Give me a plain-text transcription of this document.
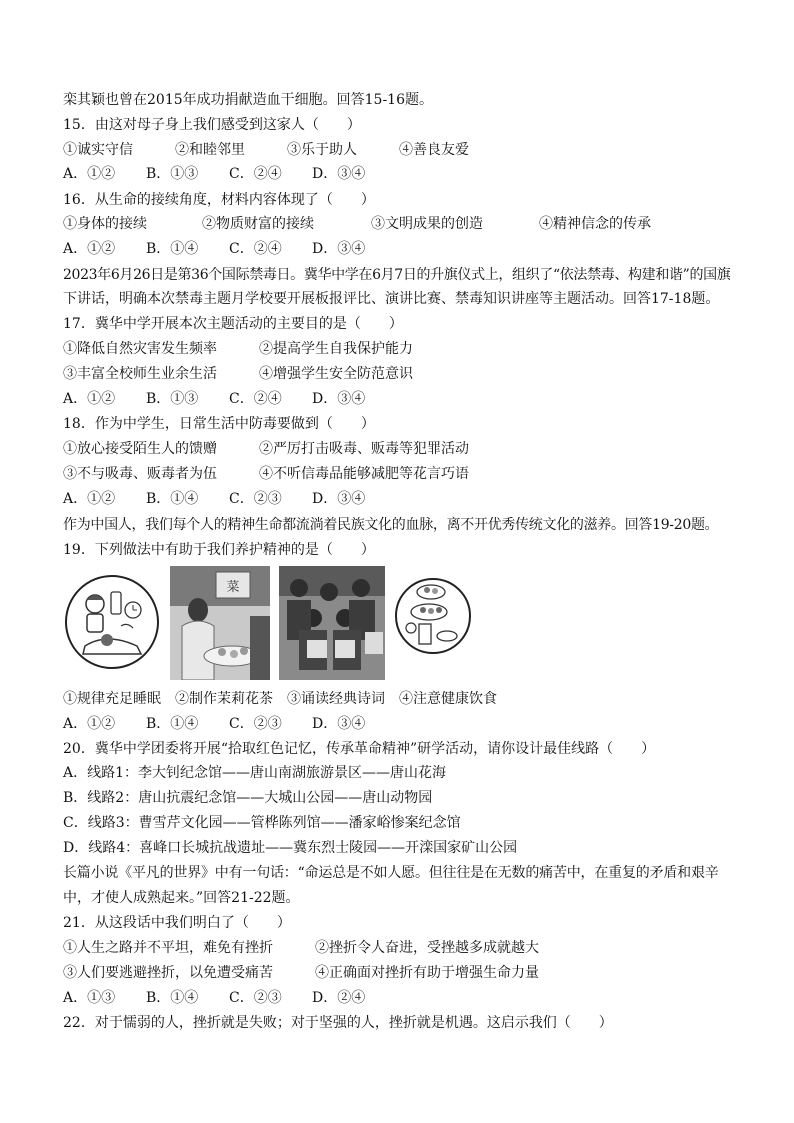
栾其颖也曾在2015年成功捐献造血干细胞。回答15-16题。
15．由这对母子身上我们感受到这家人（　　）
①诚实守信	②和睦邻里	③乐于助人	④善良友爱
A．①② B．①③ C．②④ D．③④
16．从生命的接续角度，材料内容体现了（　　）
①身体的接续	②物质财富的接续	③文明成果的创造	④精神信念的传承
A．①② B．①④ C．②④ D．③④
2023年6月26日是第36个国际禁毒日。冀华中学在6月7日的升旗仪式上，组织了“依法禁毒、构建和谐”的国旗
下讲话，明确本次禁毒主题月学校要开展板报评比、演讲比赛、禁毒知识讲座等主题活动。回答17-18题。
17．冀华中学开展本次主题活动的主要目的是（　　）
①降低自然灾害发生频率	②提高学生自我保护能力
③丰富全校师生业余生活	④增强学生安全防范意识
A．①② B．①③ C．②④ D．③④
18．作为中学生，日常生活中防毒要做到（　　）
①放心接受陌生人的馈赠	②严厉打击吸毒、贩毒等犯罪活动
③不与吸毒、贩毒者为伍	④不听信毒品能够减肥等花言巧语
A．①② B．①④ C．②③ D．③④
作为中国人，我们每个人的精神生命都流淌着民族文化的血脉，离不开优秀传统文化的滋养。回答19-20题。
19．下列做法中有助于我们养护精神的是（　　）
菜
①规律充足睡眠　②制作茉莉花茶　③诵读经典诗词　④注意健康饮食
A．①② B．①④ C．②③ D．③④
20．冀华中学团委将开展“拾取红色记忆，传承革命精神”研学活动，请你设计最佳线路（　　）
A．线路1：李大钊纪念馆——唐山南湖旅游景区——唐山花海
B．线路2：唐山抗震纪念馆——大城山公园——唐山动物园
C．线路3：曹雪芹文化园——管桦陈列馆——潘家峪惨案纪念馆
D．线路4：喜峰口长城抗战遗址——冀东烈士陵园——开滦国家矿山公园
长篇小说《平凡的世界》中有一句话：“命运总是不如人愿。但往往是在无数的痛苦中，在重复的矛盾和艰辛
中，才使人成熟起来。”回答21-22题。
21．从这段话中我们明白了（　　）
①人生之路并不平坦，难免有挫折	②挫折令人奋进，受挫越多成就越大
③人们要逃避挫折，以免遭受痛苦	④正确面对挫折有助于增强生命力量
A．①③ B．①④ C．②③ D．②④
22．对于懦弱的人，挫折就是失败；对于坚强的人，挫折就是机遇。这启示我们（　　）
